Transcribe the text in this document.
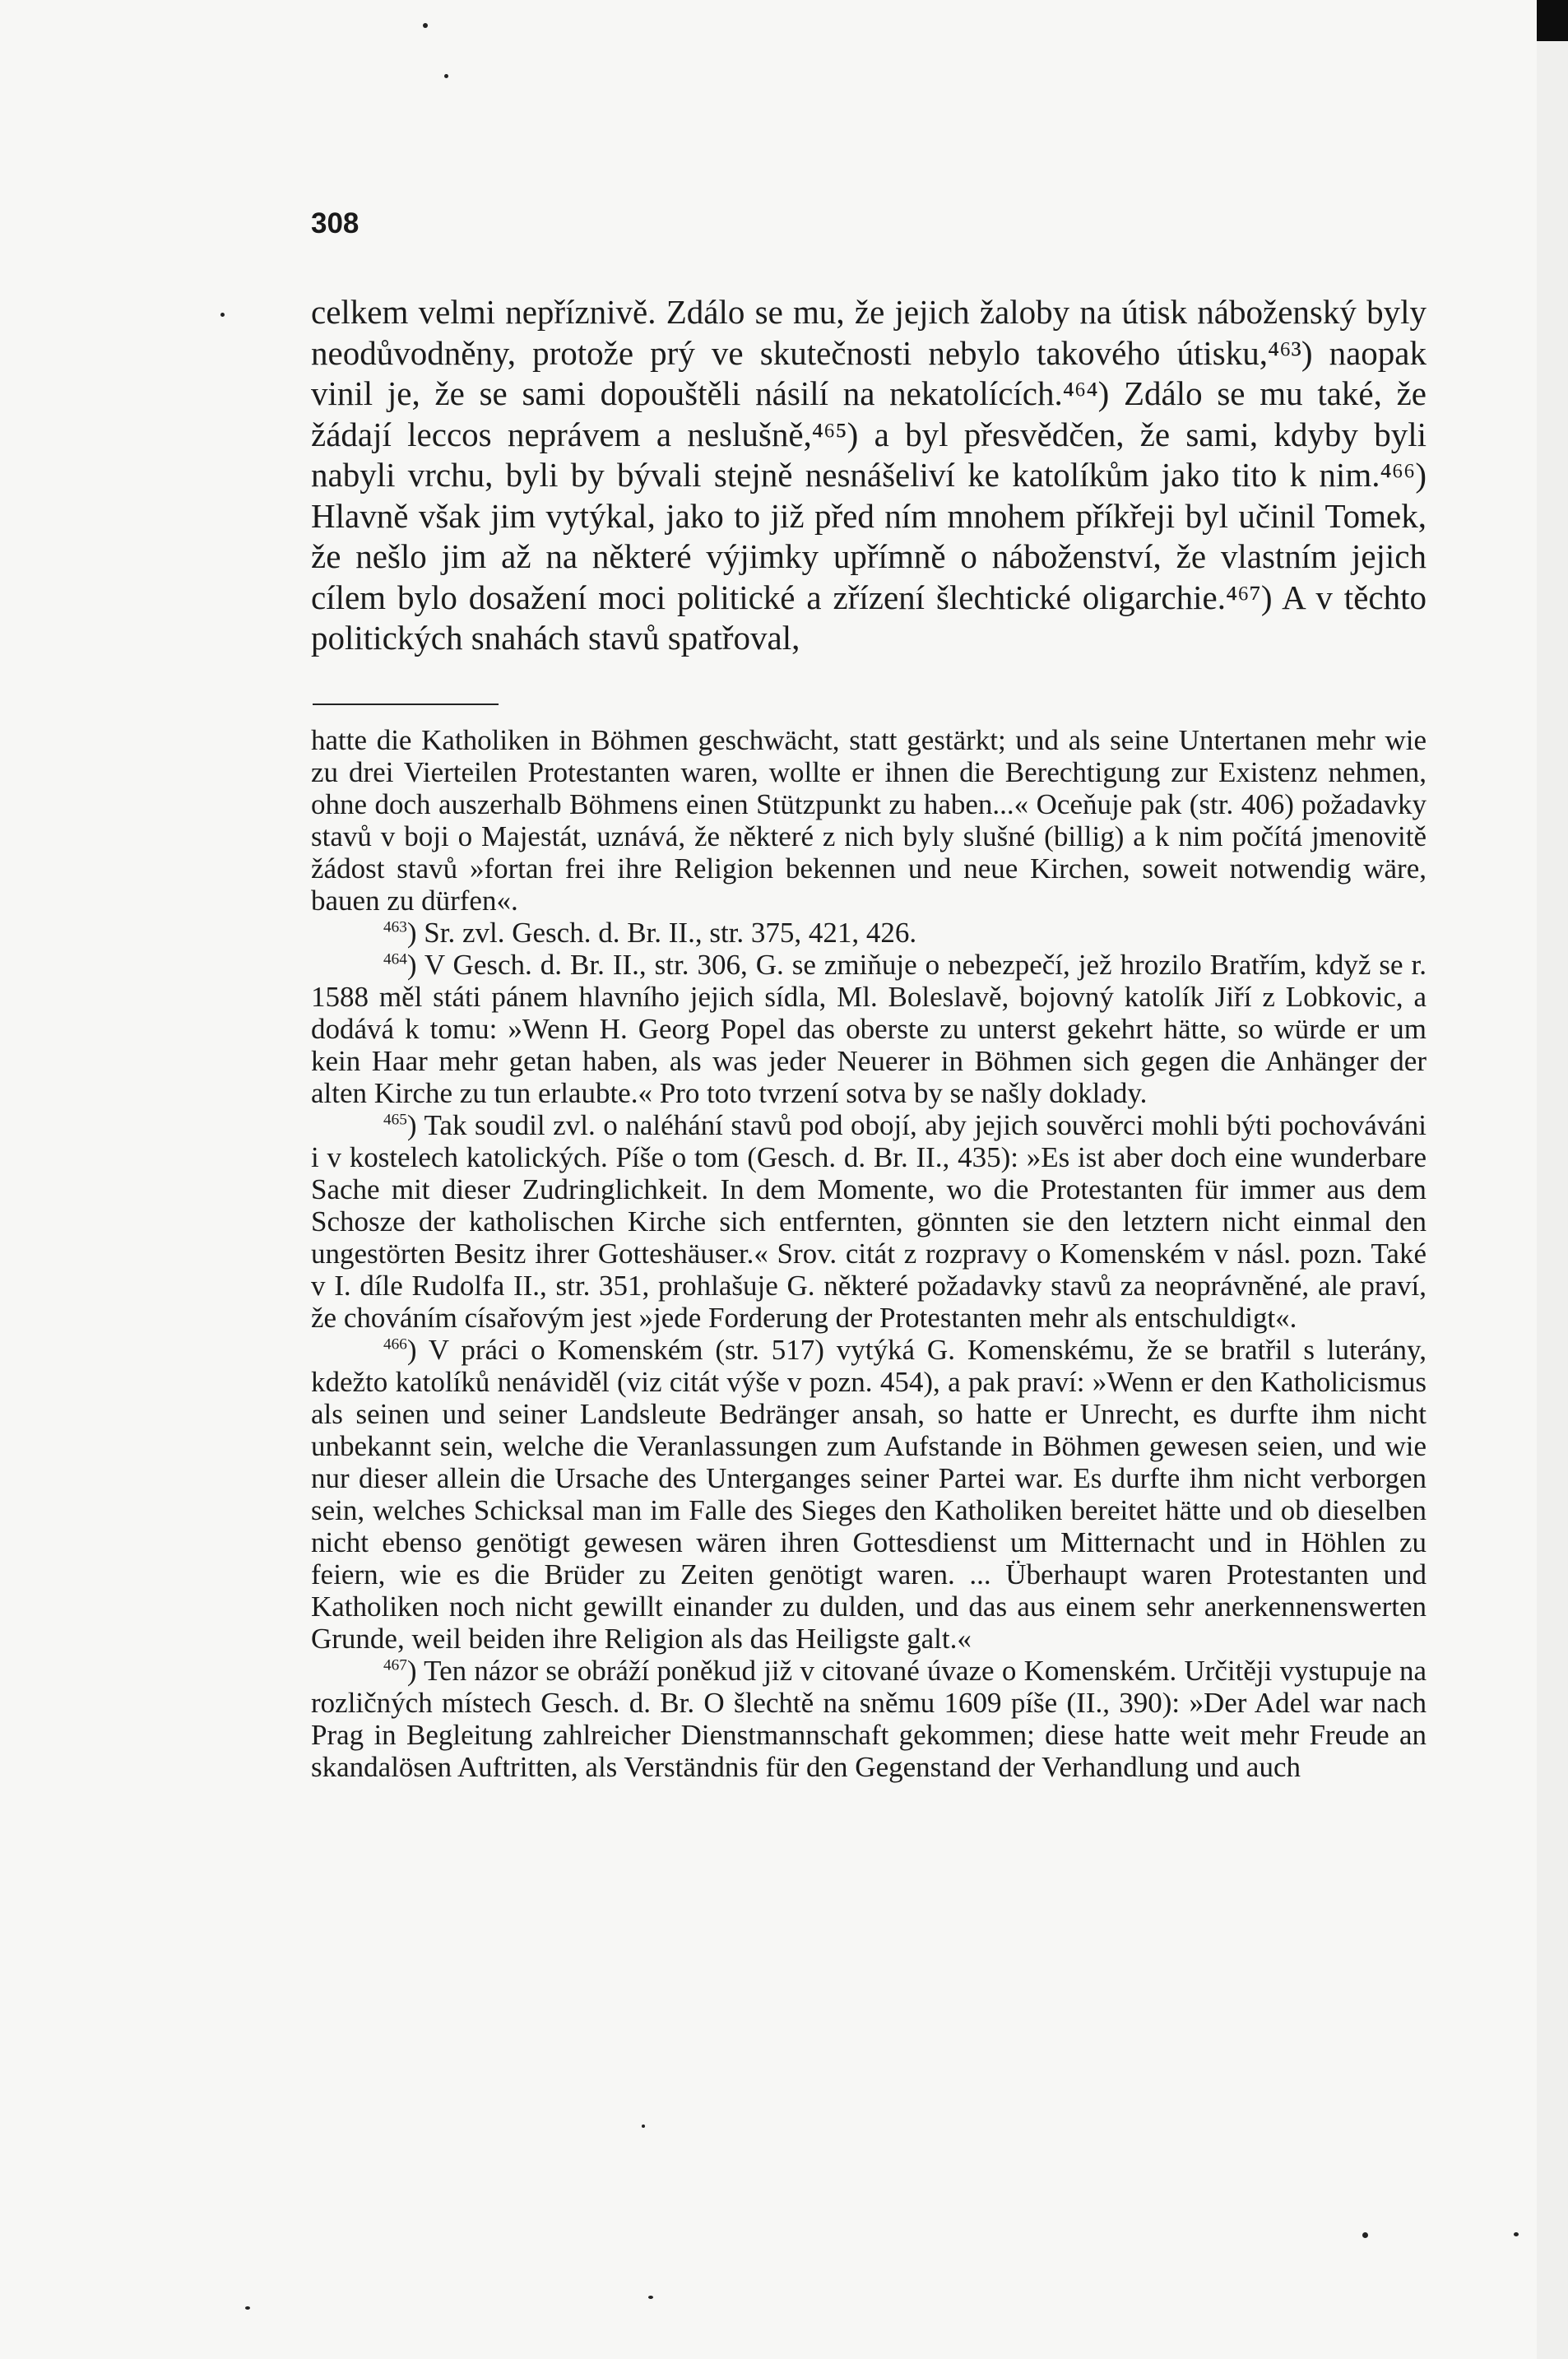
308

celkem velmi nepříznivě. Zdálo se mu, že jejich žaloby na útisk náboženský byly neodůvodněny, protože prý ve skutečnosti nebylo takového útisku,⁴⁶³) naopak vinil je, že se sami dopouštěli násilí na nekatolících.⁴⁶⁴) Zdálo se mu také, že žádají leccos neprávem a neslušně,⁴⁶⁵) a byl přesvědčen, že sami, kdyby byli nabyli vrchu, byli by bývali stejně nesnášeliví ke katolíkům jako tito k nim.⁴⁶⁶) Hlavně však jim vytýkal, jako to již před ním mnohem příkřeji byl učinil Tomek, že nešlo jim až na některé výjimky upřímně o náboženství, že vlastním jejich cílem bylo dosažení moci politické a zřízení šlechtické oligarchie.⁴⁶⁷) A v těchto politických snahách stavů spatřoval,

hatte die Katholiken in Böhmen geschwächt, statt gestärkt; und als seine Untertanen mehr wie zu drei Vierteilen Protestanten waren, wollte er ihnen die Berechtigung zur Existenz nehmen, ohne doch auszerhalb Böhmens einen Stützpunkt zu haben...« Oceňuje pak (str. 406) požadavky stavů v boji o Majestát, uznává, že některé z nich byly slušné (billig) a k nim počítá jmenovitě žádost stavů »fortan frei ihre Religion bekennen und neue Kirchen, soweit notwendig wäre, bauen zu dürfen«.

$^{463}$) Sr. zvl. Gesch. d. Br. II., str. 375, 421, 426.

$^{464}$) V Gesch. d. Br. II., str. 306, G. se zmiňuje o nebezpečí, jež hrozilo Bratřím, když se r. 1588 měl státi pánem hlavního jejich sídla, Ml. Boleslavě, bojovný katolík Jiří z Lobkovic, a dodává k tomu: »Wenn H. Georg Popel das oberste zu unterst gekehrt hätte, so würde er um kein Haar mehr getan haben, als was jeder Neuerer in Böhmen sich gegen die Anhänger der alten Kirche zu tun erlaubte.« Pro toto tvrzení sotva by se našly doklady.

$^{465}$) Tak soudil zvl. o naléhání stavů pod obojí, aby jejich souvěrci mohli býti pochováváni i v kostelech katolických. Píše o tom (Gesch. d. Br. II., 435): »Es ist aber doch eine wunderbare Sache mit dieser Zudringlichkeit. In dem Momente, wo die Protestanten für immer aus dem Schosze der katholischen Kirche sich entfernten, gönnten sie den letztern nicht einmal den ungestörten Besitz ihrer Gotteshäuser.« Srov. citát z rozpravy o Komenském v násl. pozn. Také v I. díle Rudolfa II., str. 351, prohlašuje G. některé požadavky stavů za neoprávněné, ale praví, že chováním císařovým jest »jede Forderung der Protestanten mehr als entschuldigt«.

$^{466}$) V práci o Komenském (str. 517) vytýká G. Komenskému, že se bratřil s luterány, kdežto katolíků nenáviděl (viz citát výše v pozn. 454), a pak praví: »Wenn er den Katholicismus als seinen und seiner Landsleute Bedränger ansah, so hatte er Unrecht, es durfte ihm nicht unbekannt sein, welche die Veranlassungen zum Aufstande in Böhmen gewesen seien, und wie nur dieser allein die Ursache des Unterganges seiner Partei war. Es durfte ihm nicht verborgen sein, welches Schicksal man im Falle des Sieges den Katholiken bereitet hätte und ob dieselben nicht ebenso genötigt gewesen wären ihren Gottesdienst um Mitternacht und in Höhlen zu feiern, wie es die Brüder zu Zeiten genötigt waren. ... Überhaupt waren Protestanten und Katholiken noch nicht gewillt einander zu dulden, und das aus einem sehr anerkennenswerten Grunde, weil beiden ihre Religion als das Heiligste galt.«

$^{467}$) Ten názor se obráží poněkud již v citované úvaze o Komenském. Určitěji vystupuje na rozličných místech Gesch. d. Br. O šlechtě na sněmu 1609 píše (II., 390): »Der Adel war nach Prag in Begleitung zahlreicher Dienstmannschaft gekommen; diese hatte weit mehr Freude an skandalösen Auftritten, als Verständnis für den Gegenstand der Verhandlung und auch
